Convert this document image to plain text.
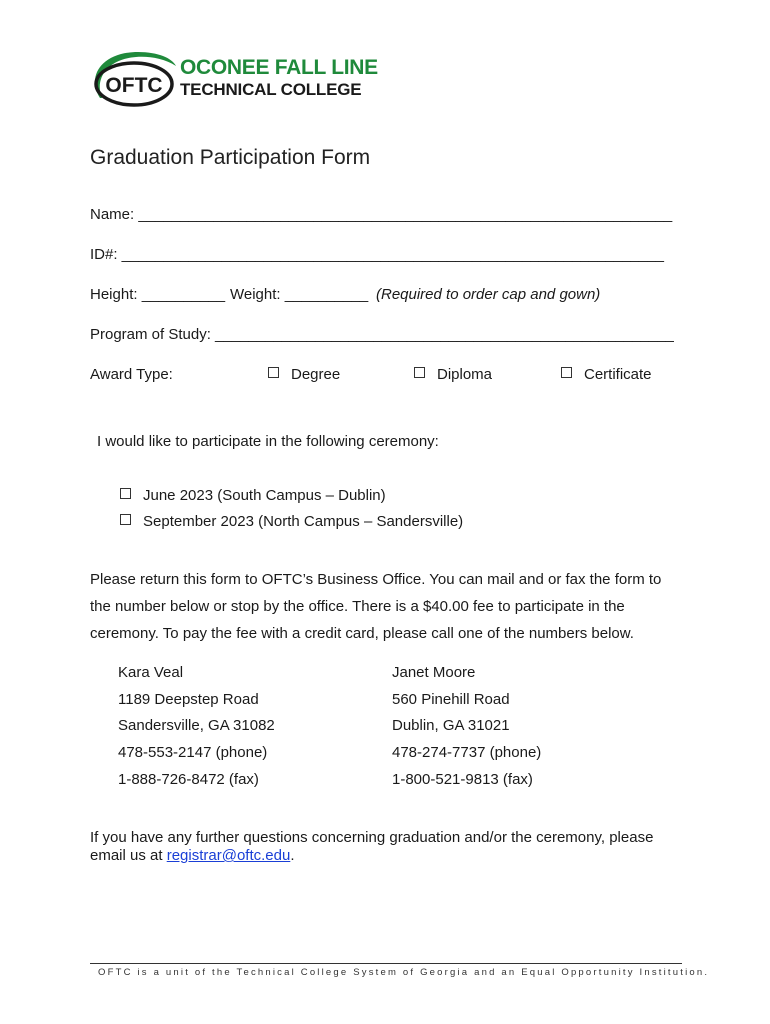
OFTC
OCONEE FALL LINE
TECHNICAL COLLEGE
Graduation Participation Form
Name: ________________________________________________________________
ID#: _________________________________________________________________
Height: __________ Weight: __________ (Required to order cap and gown)
Program of Study: _______________________________________________________
Award Type:	Degree	Diploma	Certificate
I would like to participate in the following ceremony:
June 2023 (South Campus – Dublin)
September 2023 (North Campus – Sandersville)
Please return this form to OFTC’s Business Office. You can mail and or fax the form to
the number below or stop by the office. There is a $40.00 fee to participate in the
ceremony. To pay the fee with a credit card, please call one of the numbers below.
Kara Veal
1189 Deepstep Road
Sandersville, GA 31082
478-553-2147 (phone)
1-888-726-8472 (fax)
Janet Moore
560 Pinehill Road
Dublin, GA 31021
478-274-7737 (phone)
1-800-521-9813 (fax)
If you have any further questions concerning graduation and/or the ceremony, please
email us at registrar@oftc.edu.
OFTC is a unit of the Technical College System of Georgia and an Equal Opportunity Institution.
